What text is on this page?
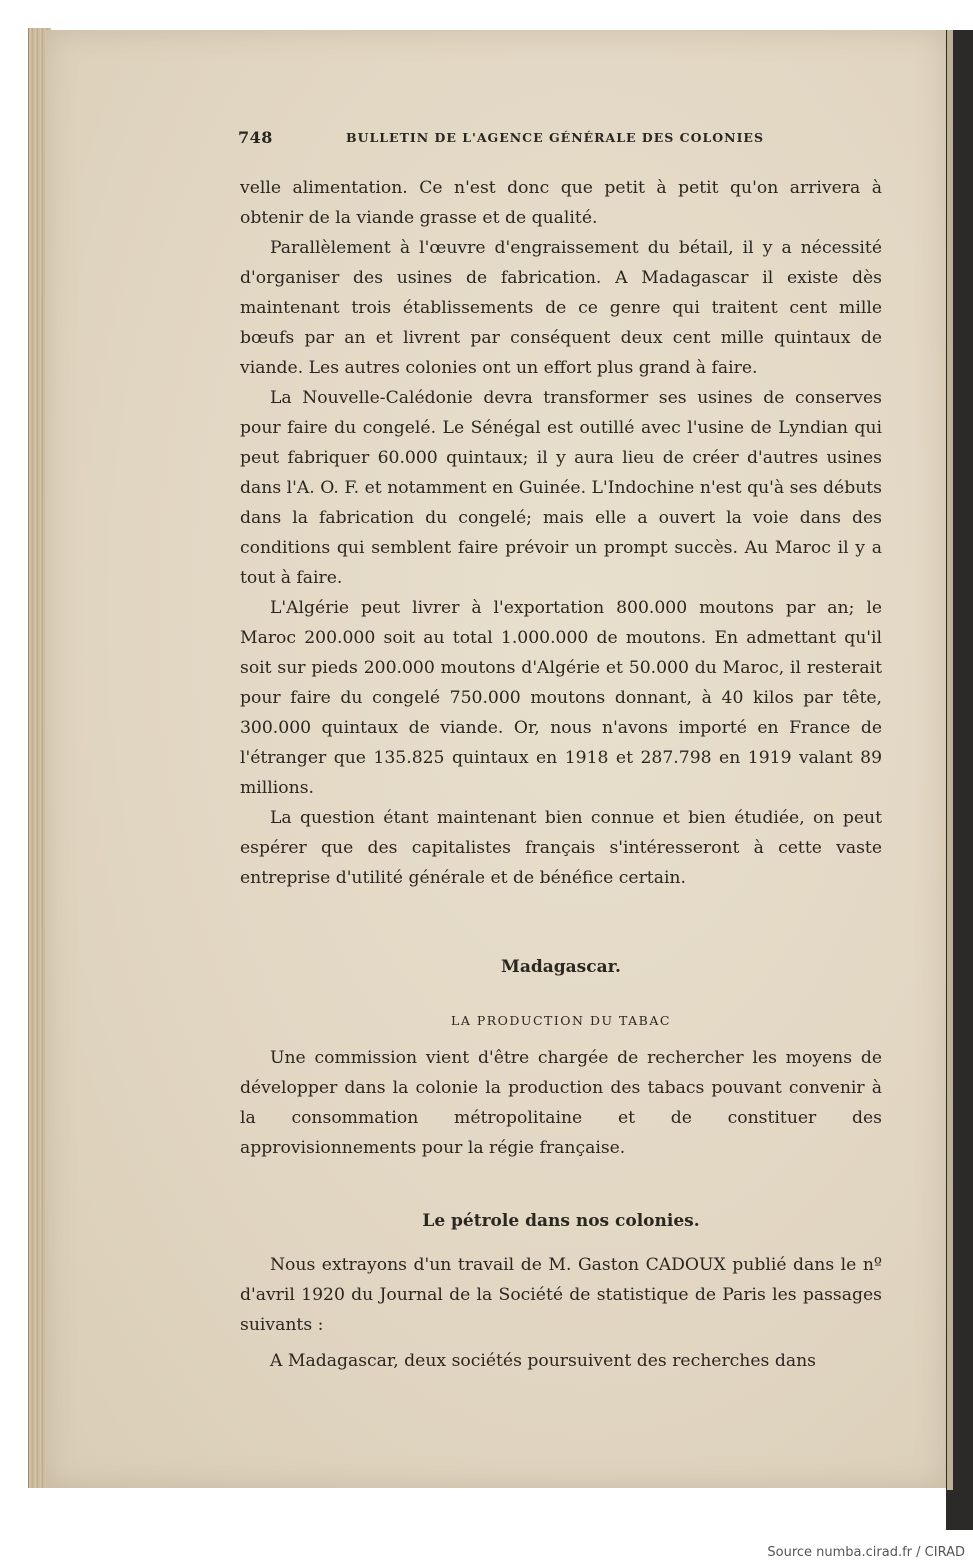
748	BULLETIN DE L'AGENCE GÉNÉRALE DES COLONIES

velle alimentation. Ce n'est donc que petit à petit qu'on arrivera à obtenir de la viande grasse et de qualité.

Parallèlement à l'œuvre d'engraissement du bétail, il y a nécessité d'organiser des usines de fabrication. A Madagascar il existe dès maintenant trois établissements de ce genre qui traitent cent mille bœufs par an et livrent par conséquent deux cent mille quintaux de viande. Les autres colonies ont un effort plus grand à faire.

La Nouvelle-Calédonie devra transformer ses usines de conserves pour faire du congelé. Le Sénégal est outillé avec l'usine de Lyndian qui peut fabriquer 60.000 quintaux; il y aura lieu de créer d'autres usines dans l'A. O. F. et notamment en Guinée. L'Indochine n'est qu'à ses débuts dans la fabrication du congelé; mais elle a ouvert la voie dans des conditions qui semblent faire prévoir un prompt succès. Au Maroc il y a tout à faire.

L'Algérie peut livrer à l'exportation 800.000 moutons par an; le Maroc 200.000 soit au total 1.000.000 de moutons. En admettant qu'il soit sur pieds 200.000 moutons d'Algérie et 50.000 du Maroc, il resterait pour faire du congelé 750.000 moutons donnant, à 40 kilos par tête, 300.000 quintaux de viande. Or, nous n'avons importé en France de l'étranger que 135.825 quintaux en 1918 et 287.798 en 1919 valant 89 millions.

La question étant maintenant bien connue et bien étudiée, on peut espérer que des capitalistes français s'intéresseront à cette vaste entreprise d'utilité générale et de bénéfice certain.

Madagascar.
LA PRODUCTION DU TABAC

Une commission vient d'être chargée de rechercher les moyens de développer dans la colonie la production des tabacs pouvant convenir à la consommation métropolitaine et de constituer des approvisionnements pour la régie française.

Le pétrole dans nos colonies.

Nous extrayons d'un travail de M. Gaston CADOUX publié dans le nº d'avril 1920 du Journal de la Société de statistique de Paris les passages suivants :

A Madagascar, deux sociétés poursuivent des recherches dans

Source numba.cirad.fr / CIRAD
